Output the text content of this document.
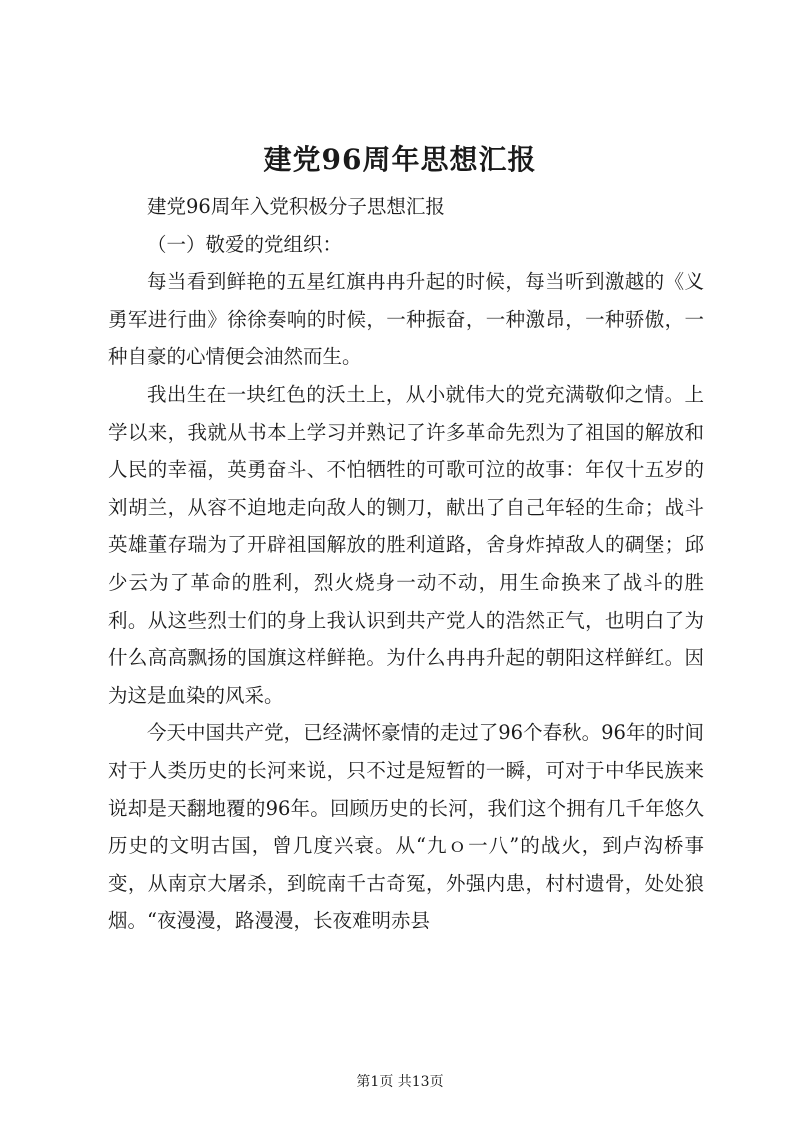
建党96周年思想汇报

建党96周年入党积极分子思想汇报

（一）敬爱的党组织：

每当看到鲜艳的五星红旗冉冉升起的时候，每当听到激越的《义勇军进行曲》徐徐奏响的时候，一种振奋，一种激昂，一种骄傲，一种自豪的心情便会油然而生。

我出生在一块红色的沃土上，从小就伟大的党充满敬仰之情。上学以来，我就从书本上学习并熟记了许多革命先烈为了祖国的解放和人民的幸福，英勇奋斗、不怕牺牲的可歌可泣的故事：年仅十五岁的刘胡兰，从容不迫地走向敌人的铡刀，献出了自己年轻的生命；战斗英雄董存瑞为了开辟祖国解放的胜利道路，舍身炸掉敌人的碉堡；邱少云为了革命的胜利，烈火烧身一动不动，用生命换来了战斗的胜利。从这些烈士们的身上我认识到共产党人的浩然正气，也明白了为什么高高飘扬的国旗这样鲜艳。为什么冉冉升起的朝阳这样鲜红。因为这是血染的风采。

今天中国共产党，已经满怀豪情的走过了96个春秋。96年的时间对于人类历史的长河来说，只不过是短暂的一瞬，可对于中华民族来说却是天翻地覆的96年。回顾历史的长河，我们这个拥有几千年悠久历史的文明古国，曾几度兴衰。从“九ｏ一八”的战火，到卢沟桥事变，从南京大屠杀，到皖南千古奇冤，外强内患，村村遗骨，处处狼烟。“夜漫漫，路漫漫，长夜难明赤县

第1页 共13页
